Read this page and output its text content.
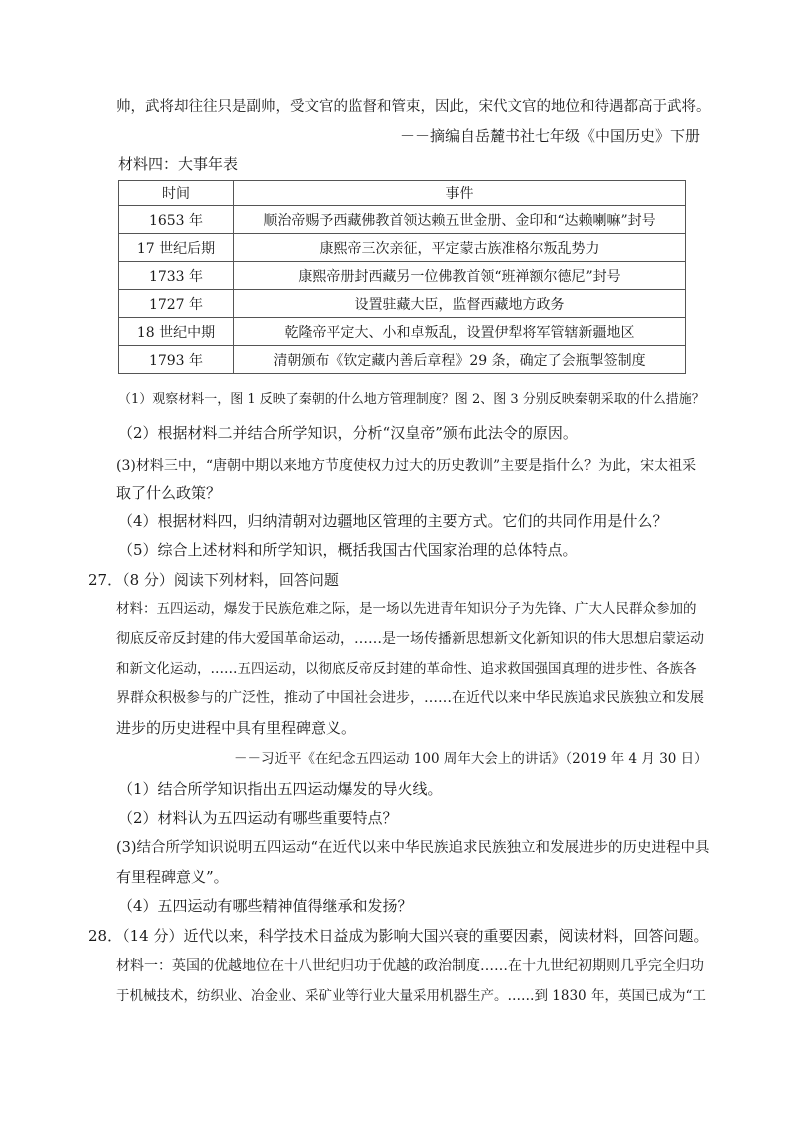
帅，武将却往往只是副帅，受文官的监督和管束，因此，宋代文官的地位和待遇都高于武将。
－－摘编自岳麓书社七年级《中国历史》下册
材料四：大事年表
时间	事件
1653 年	顺治帝赐予西藏佛教首领达赖五世金册、金印和“达赖喇嘛”封号
17 世纪后期	康熙帝三次亲征，平定蒙古族准格尔叛乱势力
1733 年	康熙帝册封西藏另一位佛教首领“班禅额尔德尼”封号
1727 年	设置驻藏大臣，监督西藏地方政务
18 世纪中期	乾隆帝平定大、小和卓叛乱，设置伊犁将军管辖新疆地区
1793 年	清朝颁布《钦定藏内善后章程》29 条，确定了会瓶掣签制度
（1）观察材料一，图 1 反映了秦朝的什么地方管理制度？图 2、图 3 分别反映秦朝采取的什么措施？
（2）根据材料二并结合所学知识，分析“汉皇帝”颁布此法令的原因。
(3)材料三中，“唐朝中期以来地方节度使权力过大的历史教训”主要是指什么？为此，宋太祖采
取了什么政策？
（4）根据材料四，归纳清朝对边疆地区管理的主要方式。它们的共同作用是什么？
（5）综合上述材料和所学知识，概括我国古代国家治理的总体特点。
27．（8 分）阅读下列材料，回答问题
材料：五四运动，爆发于民族危难之际，是一场以先进青年知识分子为先锋、广大人民群众参加的
彻底反帝反封建的伟大爱国革命运动，……是一场传播新思想新文化新知识的伟大思想启蒙运动
和新文化运动，……五四运动，以彻底反帝反封建的革命性、追求救国强国真理的进步性、各族各
界群众积极参与的广泛性，推动了中国社会进步，……在近代以来中华民族追求民族独立和发展
进步的历史进程中具有里程碑意义。
－－习近平《在纪念五四运动 100 周年大会上的讲话》（2019 年 4 月 30 日）
（1）结合所学知识指出五四运动爆发的导火线。
（2）材料认为五四运动有哪些重要特点？
(3)结合所学知识说明五四运动“在近代以来中华民族追求民族独立和发展进步的历史进程中具
有里程碑意义”。
（4）五四运动有哪些精神值得继承和发扬？
28．（14 分）近代以来，科学技术日益成为影响大国兴衰的重要因素，阅读材料，回答问题。
材料一：英国的优越地位在十八世纪归功于优越的政治制度……在十九世纪初期则几乎完全归功
于机械技术，纺织业、冶金业、采矿业等行业大量采用机器生产。……到 1830 年，英国已成为“工
